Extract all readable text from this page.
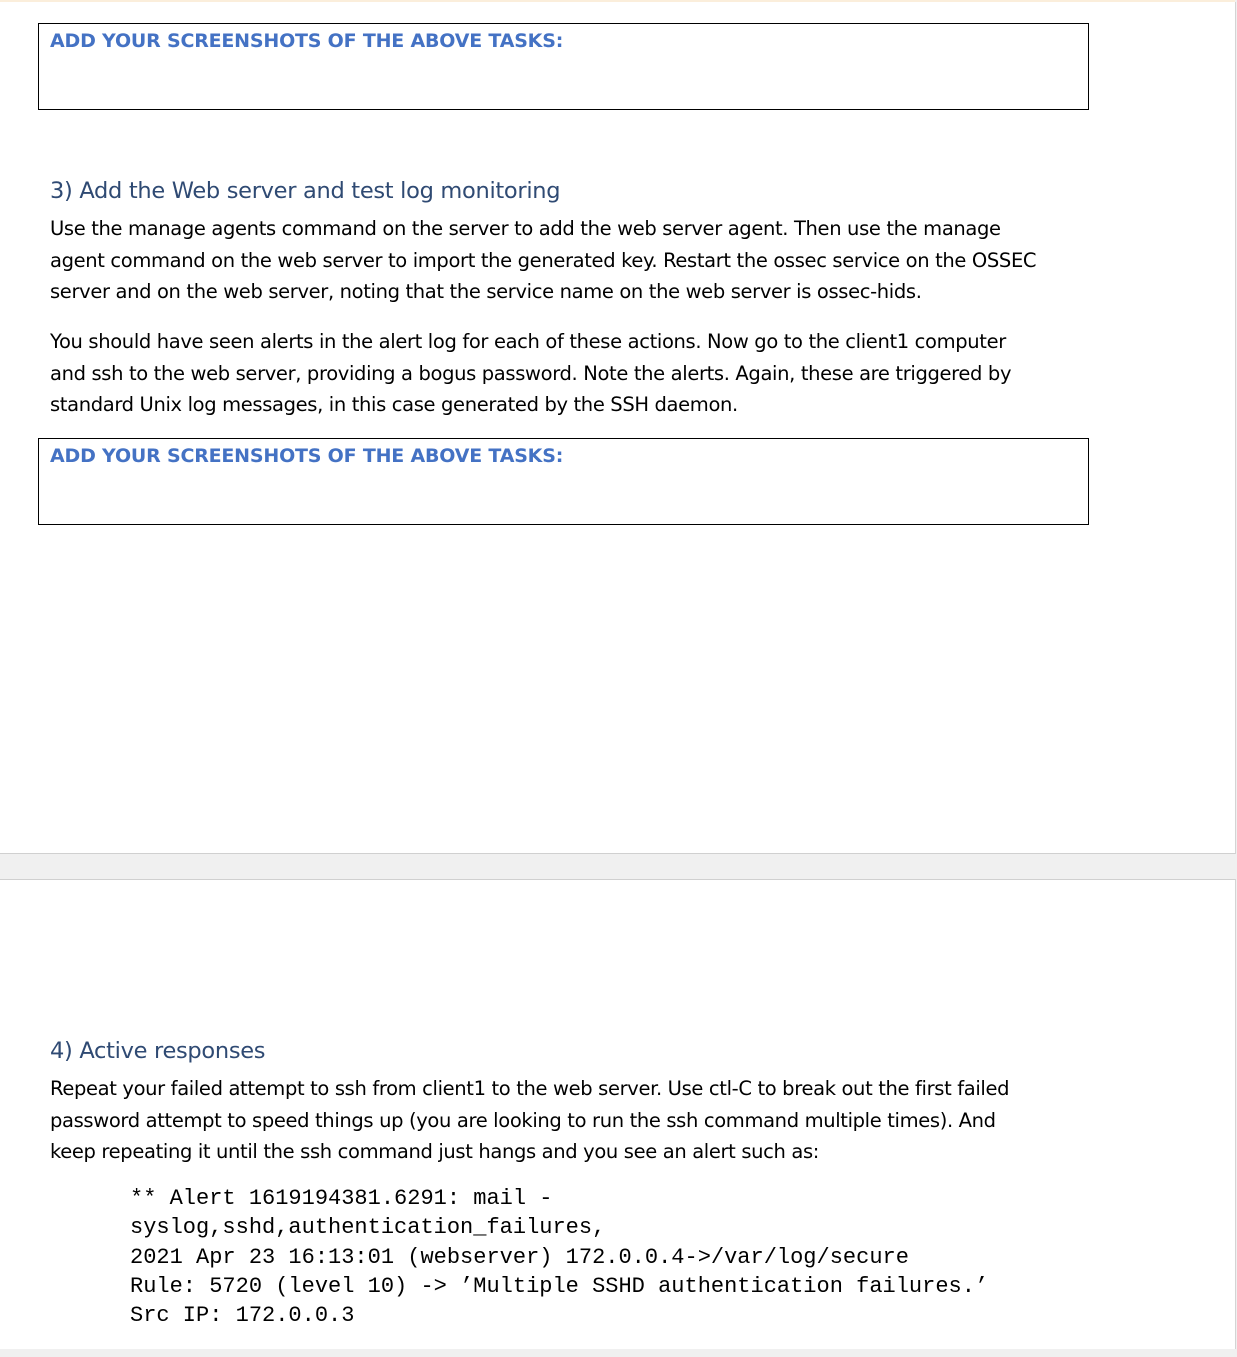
ADD YOUR SCREENSHOTS OF THE ABOVE TASKS:
3) Add the Web server and test log monitoring

Use the manage agents command on the server to add the web server agent. Then use the manage
agent command on the web server to import the generated key. Restart the ossec service on the OSSEC
server and on the web server, noting that the service name on the web server is ossec-hids.

You should have seen alerts in the alert log for each of these actions. Now go to the client1 computer
and ssh to the web server, providing a bogus password. Note the alerts. Again, these are triggered by
standard Unix log messages, in this case generated by the SSH daemon.

ADD YOUR SCREENSHOTS OF THE ABOVE TASKS:
4) Active responses

Repeat your failed attempt to ssh from client1 to the web server. Use ctl-C to break out the first failed
password attempt to speed things up (you are looking to run the ssh command multiple times). And
keep repeating it until the ssh command just hangs and you see an alert such as:

** Alert 1619194381.6291: mail -
syslog,sshd,authentication_failures,
2021 Apr 23 16:13:01 (webserver) 172.0.0.4->/var/log/secure
Rule: 5720 (level 10) -> ’Multiple SSHD authentication failures.’
Src IP: 172.0.0.3
